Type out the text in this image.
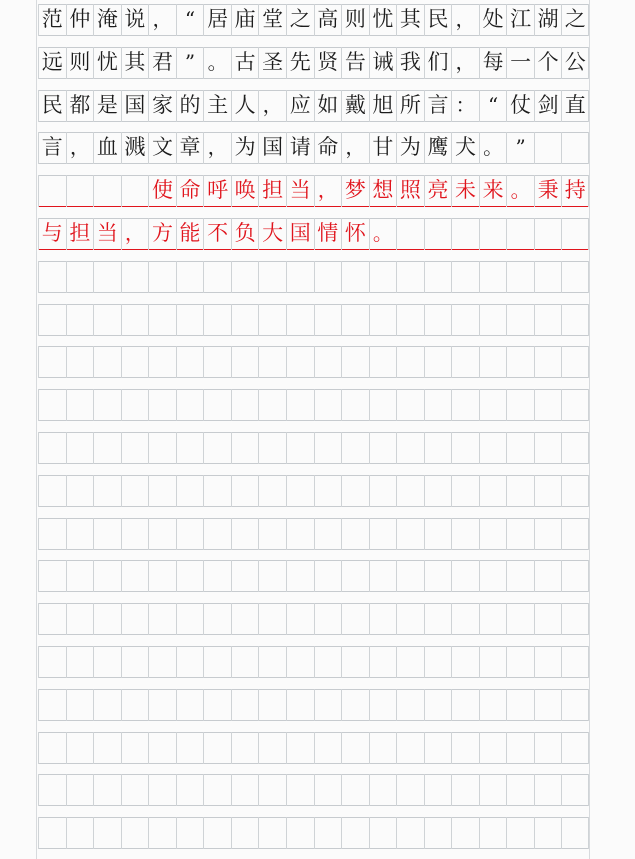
范 仲 淹 说 ， “ 居 庙 堂 之 高 则 忧 其 民 ， 处 江 湖 之
远 则 忧 其 君 ” 。 古 圣 先 贤 告 诫 我 们 ， 每 一 个 公
民 都 是 国 家 的 主 人 ， 应 如 戴 旭 所 言 ： “ 仗 剑 直
言 ， 血 溅 文 章 ， 为 国 请 命 ， 甘 为 鹰 犬 。 ”
使 命 呼 唤 担 当 ， 梦 想 照 亮 未 来 。 秉 持
与 担 当 ， 方 能 不 负 大 国 情 怀 。
